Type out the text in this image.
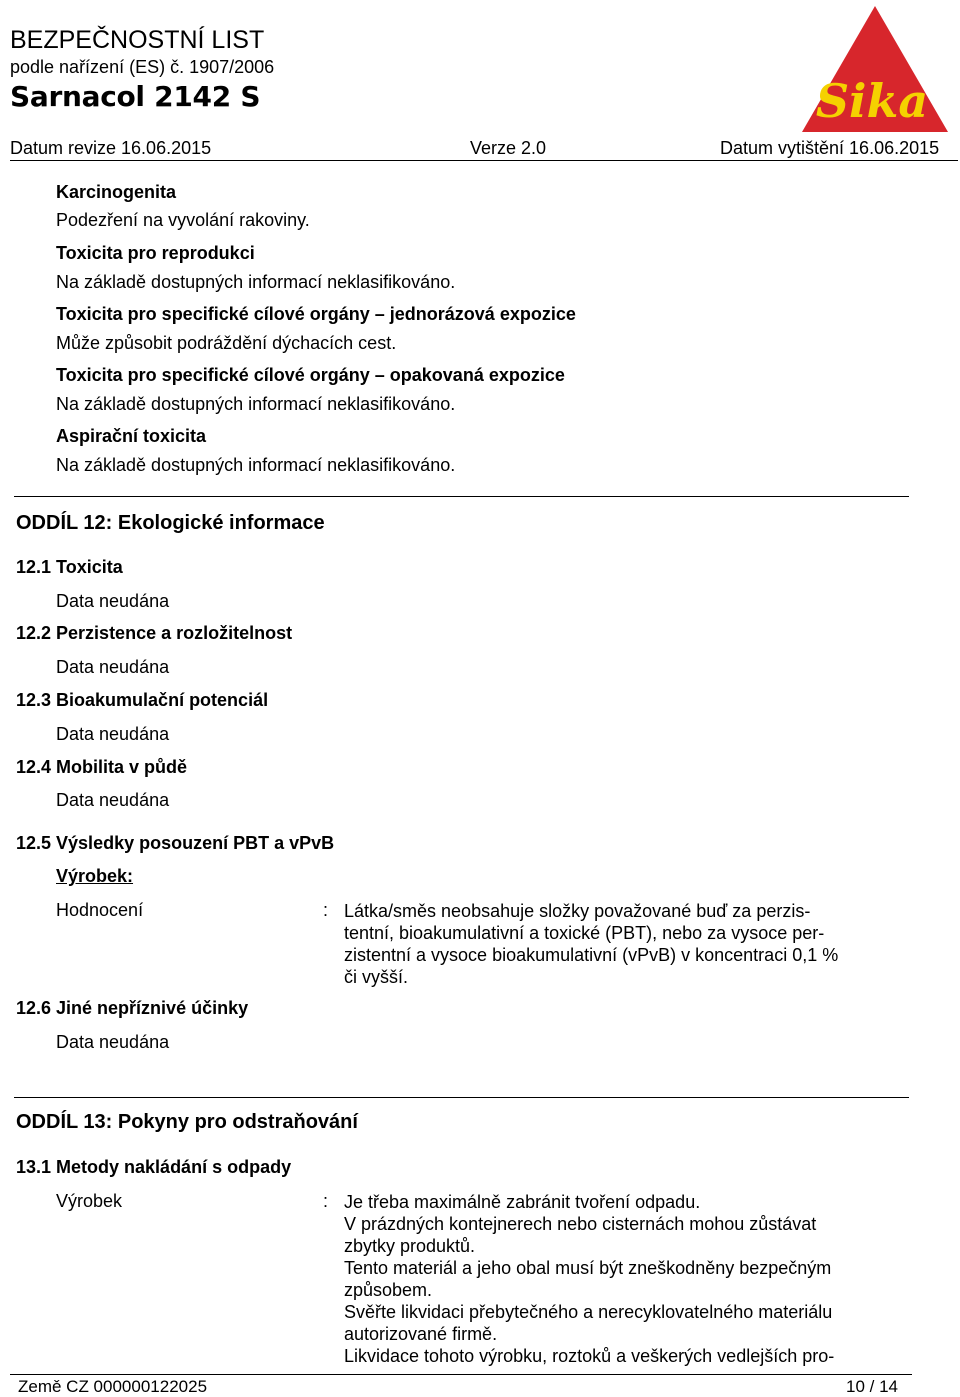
BEZPEČNOSTNÍ LIST
podle nařízení (ES) č. 1907/2006
Sarnacol 2142 S
Datum revize 16.06.2015	Verze 2.0	Datum vytištění 16.06.2015
Sika R
Karcinogenita
Podezření na vyvolání rakoviny.
Toxicita pro reprodukci
Na základě dostupných informací neklasifikováno.
Toxicita pro specifické cílové orgány – jednorázová expozice
Může způsobit podráždění dýchacích cest.
Toxicita pro specifické cílové orgány – opakovaná expozice
Na základě dostupných informací neklasifikováno.
Aspirační toxicita
Na základě dostupných informací neklasifikováno.
ODDÍL 12: Ekologické informace
12.1 Toxicita
Data neudána
12.2 Perzistence a rozložitelnost
Data neudána
12.3 Bioakumulační potenciál
Data neudána
12.4 Mobilita v půdě
Data neudána
12.5 Výsledky posouzení PBT a vPvB
Výrobek:
Hodnocení	: Látka/směs neobsahuje složky považované buď za perzis-
tentní, bioakumulativní a toxické (PBT), nebo za vysoce per-
zistentní a vysoce bioakumulativní (vPvB) v koncentraci 0,1 %
či vyšší.
12.6 Jiné nepříznivé účinky
Data neudána
ODDÍL 13: Pokyny pro odstraňování
13.1 Metody nakládání s odpady
Výrobek	: Je třeba maximálně zabránit tvoření odpadu.
V prázdných kontejnerech nebo cisternách mohou zůstávat
zbytky produktů.
Tento materiál a jeho obal musí být zneškodněny bezpečným
způsobem.
Svěřte likvidaci přebytečného a nerecyklovatelného materiálu
autorizované firmě.
Likvidace tohoto výrobku, roztoků a veškerých vedlejších pro-
Země CZ 000000122025	10 / 14
